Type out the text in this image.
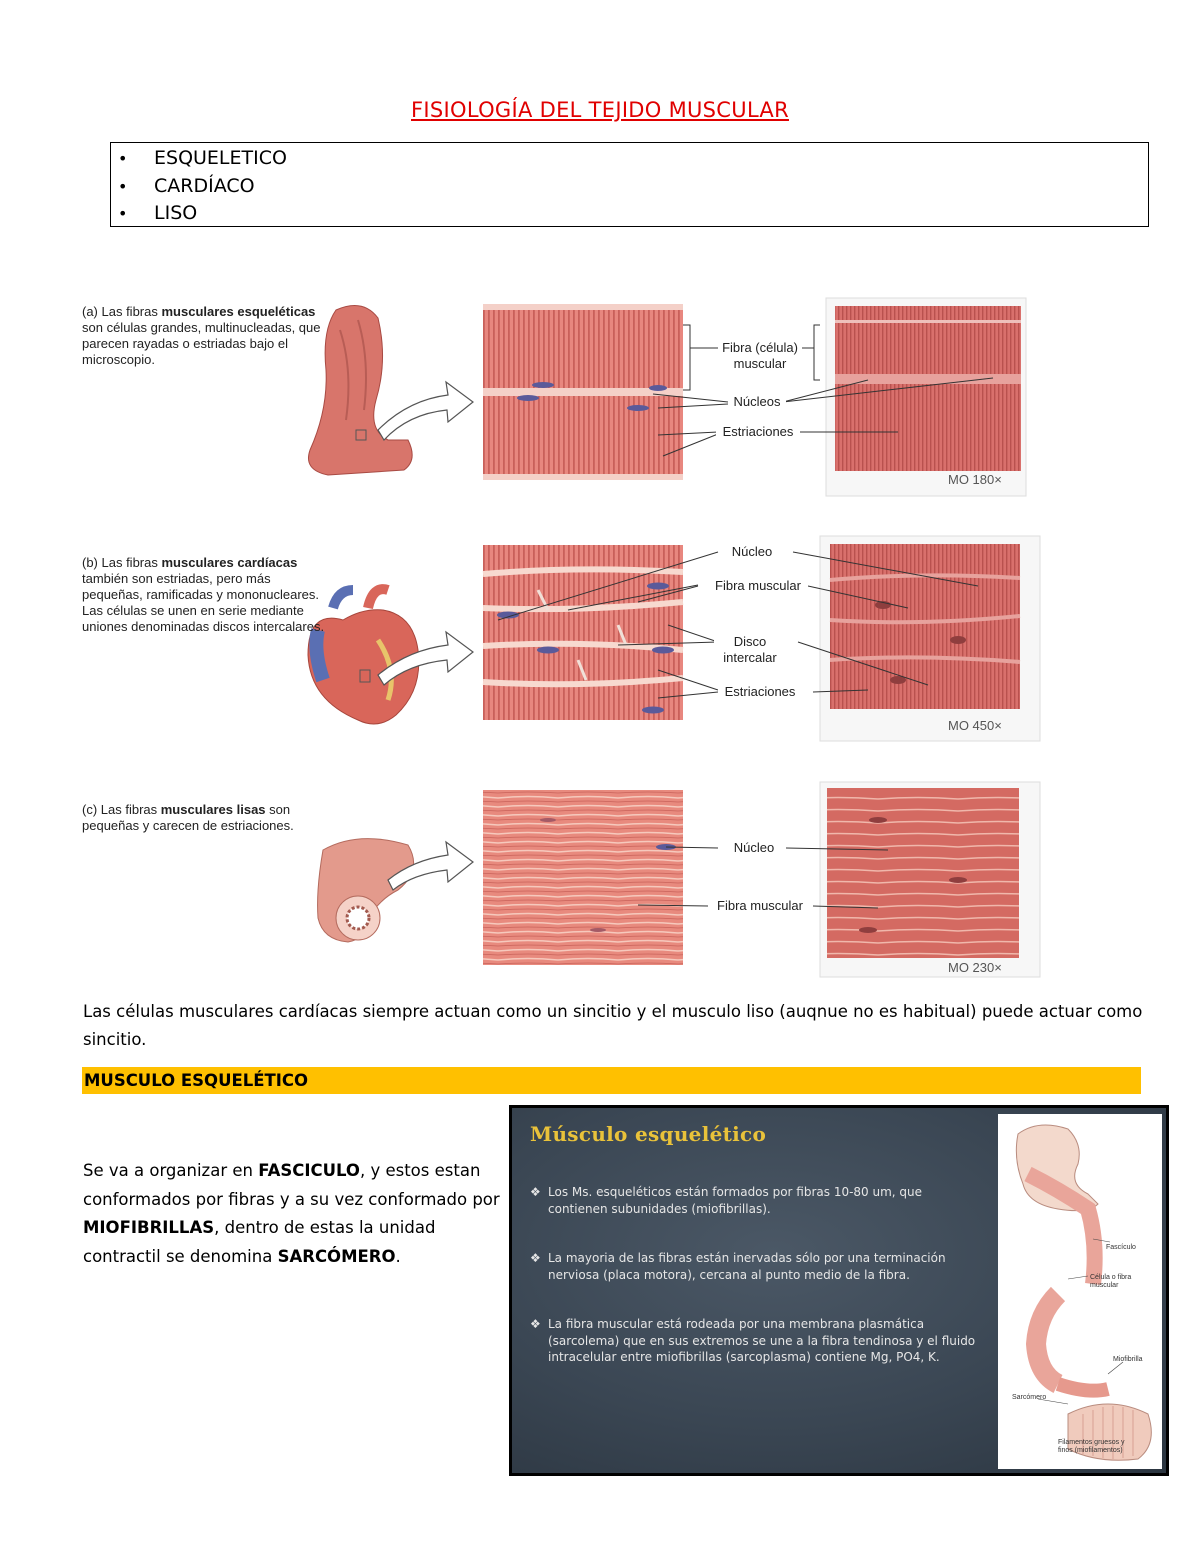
FISIOLOGÍA DEL TEJIDO MUSCULAR
• ESQUELETICO
• CARDÍACO
• LISO
(a) Las fibras musculares esqueléticas son células grandes, multinucleadas, que parecen rayadas o estriadas bajo el microscopio.
(b) Las fibras musculares cardíacas también son estriadas, pero más pequeñas, ramificadas y mononucleares. Las células se unen en serie mediante uniones denominadas discos intercalares.
(c) Las fibras musculares lisas son pequeñas y carecen de estriaciones.
Fibra (célula) muscular
Núcleos
Estriaciones
MO 180×
Núcleo
Fibra muscular
Disco intercalar
Estriaciones
MO 450×
Núcleo
Fibra muscular
MO 230×
Las células musculares cardíacas siempre actuan como un sincitio y el musculo liso (auqnue no es habitual) puede actuar como sincitio.
MUSCULO ESQUELÉTICO
Se va a organizar en FASCICULO, y estos estan conformados por fibras y a su vez conformado por MIOFIBRILLAS, dentro de estas la unidad contractil se denomina SARCÓMERO.
Músculo esquelético
❖ Los Ms. esqueléticos están formados por fibras 10-80 um, que contienen subunidades (miofibrillas).
❖ La mayoria de las fibras están inervadas sólo por una terminación nerviosa (placa motora), cercana al punto medio de la fibra.
❖ La fibra muscular está rodeada por una membrana plasmática (sarcolema) que en sus extremos se une a la fibra tendinosa y el fluido intracelular entre miofibrillas (sarcoplasma) contiene Mg, PO4, K.
Fascículo
Célula o fibra muscular
Miofibrilla
Sarcómero
Filamentos gruesos y finos (miofilamentos)
